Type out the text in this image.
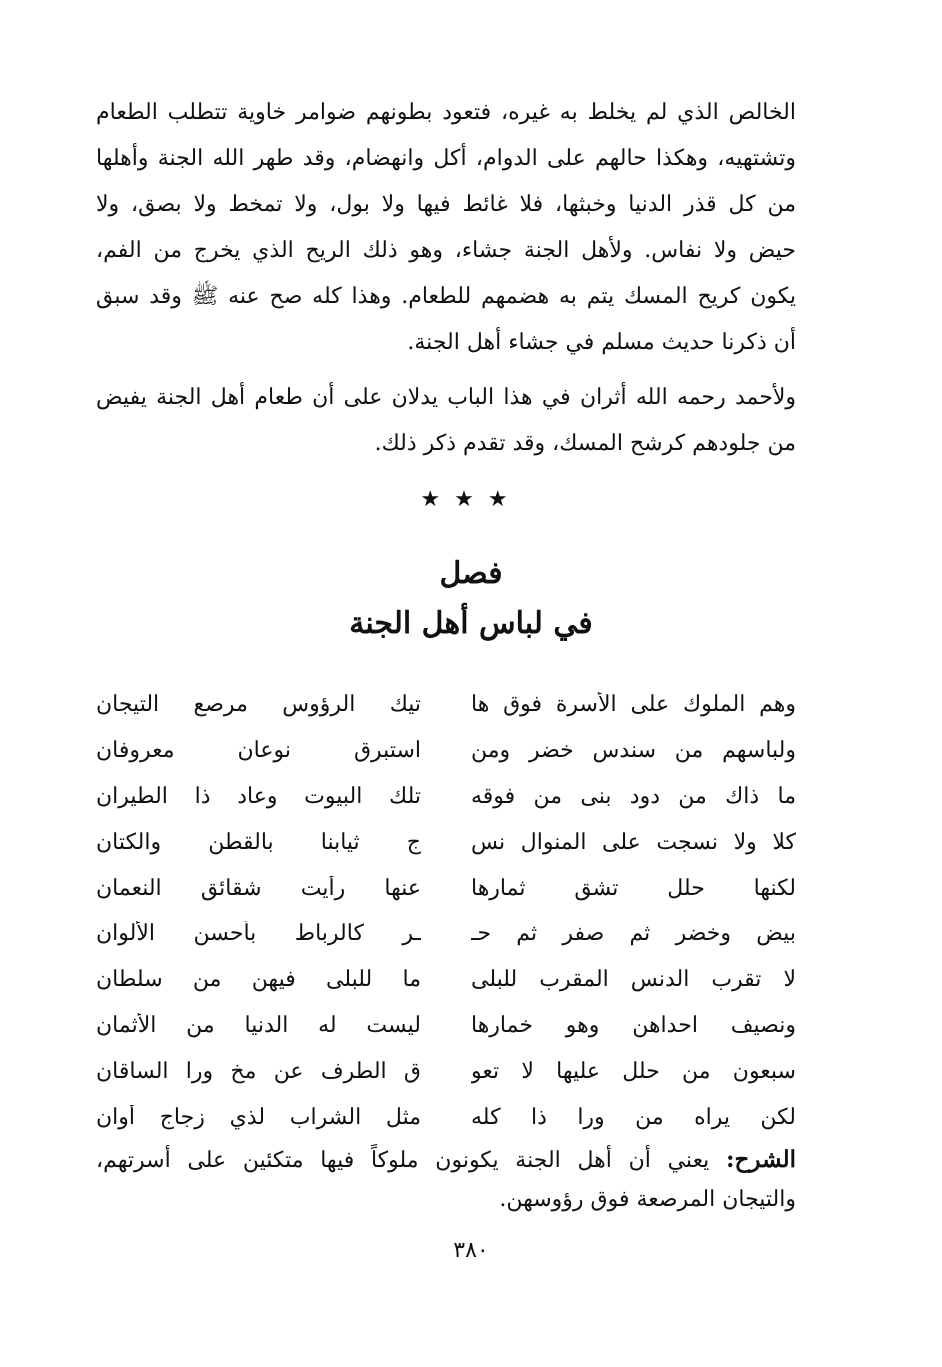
الخالص الذي لم يخلط به غيره، فتعود بطونهم ضوامر خاوية تتطلب الطعام
وتشتهيه، وهكذا حالهم على الدوام، أكل وانهضام، وقد طهر الله الجنة وأهلها
من كل قذر الدنيا وخبثها، فلا غائط فيها ولا بول، ولا تمخط ولا بصق، ولا
حيض ولا نفاس. ولأهل الجنة جشاء، وهو ذلك الريح الذي يخرج من الفم،
يكون كريح المسك يتم به هضمهم للطعام. وهذا كله صح عنه ﷺ وقد سبق
أن ذكرنا حديث مسلم في جشاء أهل الجنة.
ولأحمد رحمه الله أثران في هذا الباب يدلان على أن طعام أهل الجنة يفيض
من جلودهم كرشح المسك، وقد تقدم ذكر ذلك.
★★★
فصل
في لباس أهل الجنة
وهم الملوك على الأسرة فوق ها
تيك الرؤوس مرصع التيجان
ولباسهم من سندس خضر ومن
استبرق نوعان معروفان
ما ذاك من دود بنى من فوقه
تلك البيوت وعاد ذا الطيران
كلا ولا نسجت على المنوال نس
ج ثيابنا بالقطن والكتان
لكنها حلل تشق ثمارها
عنها رأيت شقائق النعمان
بيض وخضر ثم صفر ثم حـ
ـر كالرباط بأحسن الألوان
لا تقرب الدنس المقرب للبلى
ما للبلى فيهن من سلطان
ونصيف احداهن وهو خمارها
ليست له الدنيا من الأثمان
سبعون من حلل عليها لا تعو
ق الطرف عن مخ ورا الساقان
لكن يراه من ورا ذا كله
مثل الشراب لذي زجاج أوان
الشرح: يعني أن أهل الجنة يكونون ملوكاً فيها متكئين على أسرتهم،
والتيجان المرصعة فوق رؤوسهن.
٣٨٠
